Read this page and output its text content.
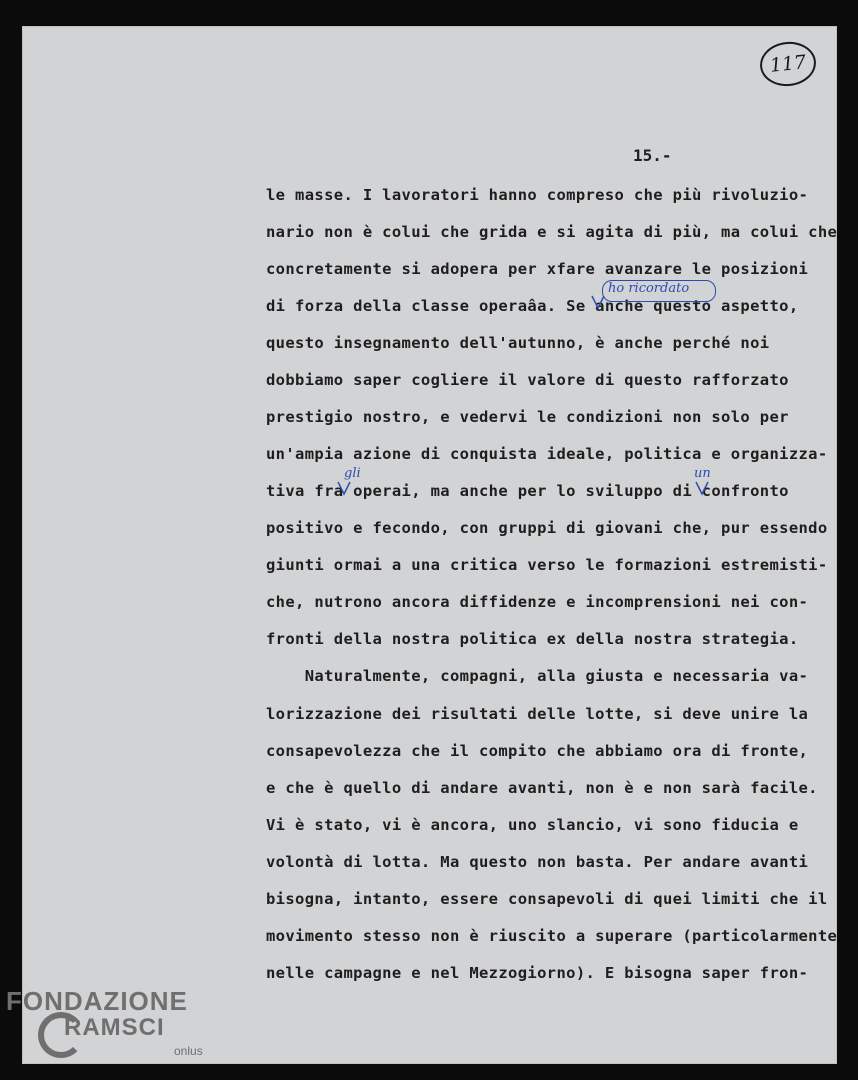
117
15.-
le masse. I lavoratori hanno compreso che più rivoluzio-
nario non è colui che grida e si agita di più, ma colui che
concretamente si adopera per xfare avanzare le posizioni
di forza della classe operaâa. Se anche questo aspetto,
questo insegnamento dell'autunno, è anche perché noi
dobbiamo saper cogliere il valore di questo rafforzato
prestigio nostro, e vedervi le condizioni non solo per
un'ampia azione di conquista ideale, politica e organizza-
tiva fra operai, ma anche per lo sviluppo di confronto
positivo e fecondo, con gruppi di giovani che, pur essendo
giunti ormai a una critica verso le formazioni estremisti-
che, nutrono ancora diffidenze e incomprensioni nei con-
fronti della nostra politica ex della nostra strategia.
Naturalmente, compagni, alla giusta e necessaria va-
lorizzazione dei risultati delle lotte, si deve unire la
consapevolezza che il compito che abbiamo ora di fronte,
e che è quello di andare avanti, non è e non sarà facile.
Vi è stato, vi è ancora, uno slancio, vi sono fiducia e
volontà di lotta. Ma questo non basta. Per andare avanti
bisogna, intanto, essere consapevoli di quei limiti che il
movimento stesso non è riuscito a superare (particolarmente
nelle campagne e nel Mezzogiorno). E bisogna saper fron-
ho ricordato
gli	un
FONDAZIONE
RAMSCI
onlus
